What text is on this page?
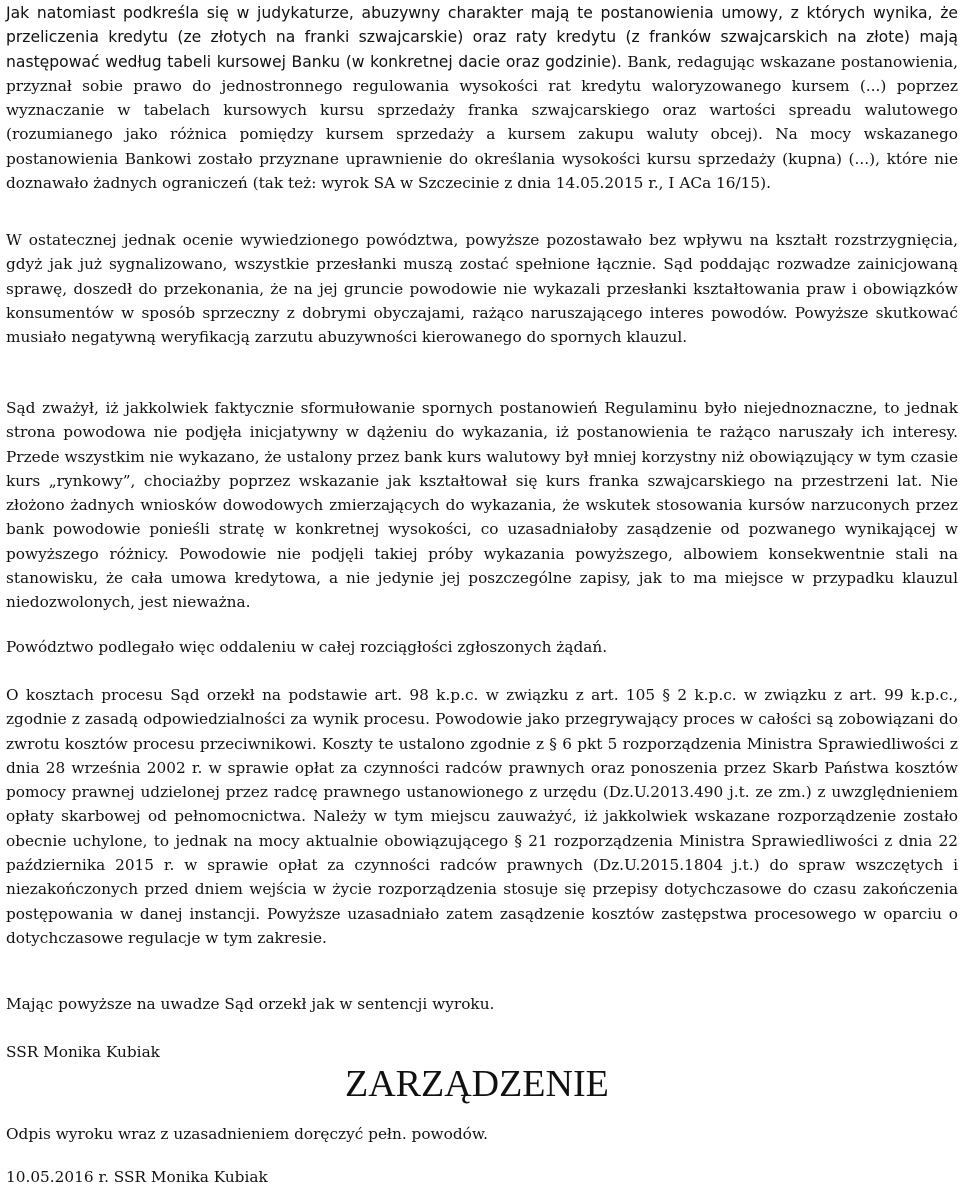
Jak natomiast podkreśla się w judykaturze, abuzywny charakter mają te postanowienia umowy, z których wynika, że przeliczenia kredytu (ze złotych na franki szwajcarskie) oraz raty kredytu (z franków szwajcarskich na złote) mają następować według tabeli kursowej Banku (w konkretnej dacie oraz godzinie). Bank, redagując wskazane postanowienia, przyznał sobie prawo do jednostronnego regulowania wysokości rat kredytu waloryzowanego kursem (...) poprzez wyznaczanie w tabelach kursowych kursu sprzedaży franka szwajcarskiego oraz wartości spreadu walutowego (rozumianego jako różnica pomiędzy kursem sprzedaży a kursem zakupu waluty obcej). Na mocy wskazanego postanowienia Bankowi zostało przyznane uprawnienie do określania wysokości kursu sprzedaży (kupna) (...), które nie doznawało żadnych ograniczeń (tak też: wyrok SA w Szczecinie z dnia 14.05.2015 r., I ACa 16/15).

W ostatecznej jednak ocenie wywiedzionego powództwa, powyższe pozostawało bez wpływu na kształt rozstrzygnięcia, gdyż jak już sygnalizowano, wszystkie przesłanki muszą zostać spełnione łącznie. Sąd poddając rozwadze zainicjowaną sprawę, doszedł do przekonania, że na jej gruncie powodowie nie wykazali przesłanki kształtowania praw i obowiązków konsumentów w sposób sprzeczny z dobrymi obyczajami, rażąco naruszającego interes powodów. Powyższe skutkować musiało negatywną weryfikacją zarzutu abuzywności kierowanego do spornych klauzul.

Sąd zważył, iż jakkolwiek faktycznie sformułowanie spornych postanowień Regulaminu było niejednoznaczne, to jednak strona powodowa nie podjęła inicjatywny w dążeniu do wykazania, iż postanowienia te rażąco naruszały ich interesy. Przede wszystkim nie wykazano, że ustalony przez bank kurs walutowy był mniej korzystny niż obowiązujący w tym czasie kurs „rynkowy”, chociażby poprzez wskazanie jak kształtował się kurs franka szwajcarskiego na przestrzeni lat. Nie złożono żadnych wniosków dowodowych zmierzających do wykazania, że wskutek stosowania kursów narzuconych przez bank powodowie ponieśli stratę w konkretnej wysokości, co uzasadniałoby zasądzenie od pozwanego wynikającej w powyższego różnicy. Powodowie nie podjęli takiej próby wykazania powyższego, albowiem konsekwentnie stali na stanowisku, że cała umowa kredytowa, a nie jedynie jej poszczególne zapisy, jak to ma miejsce w przypadku klauzul niedozwolonych, jest nieważna.

Powództwo podlegało więc oddaleniu w całej rozciągłości zgłoszonych żądań.

O kosztach procesu Sąd orzekł na podstawie art. 98 k.p.c. w związku z art. 105 § 2 k.p.c. w związku z art. 99 k.p.c., zgodnie z zasadą odpowiedzialności za wynik procesu. Powodowie jako przegrywający proces w całości są zobowiązani do zwrotu kosztów procesu przeciwnikowi. Koszty te ustalono zgodnie z § 6 pkt 5 rozporządzenia Ministra Sprawiedliwości z dnia 28 września 2002 r. w sprawie opłat za czynności radców prawnych oraz ponoszenia przez Skarb Państwa kosztów pomocy prawnej udzielonej przez radcę prawnego ustanowionego z urzędu (Dz.U.2013.490 j.t. ze zm.) z uwzględnieniem opłaty skarbowej od pełnomocnictwa. Należy w tym miejscu zauważyć, iż jakkolwiek wskazane rozporządzenie zostało obecnie uchylone, to jednak na mocy aktualnie obowiązującego § 21 rozporządzenia Ministra Sprawiedliwości z dnia 22 października 2015 r. w sprawie opłat za czynności radców prawnych (Dz.U.2015.1804 j.t.) do spraw wszczętych i niezakończonych przed dniem wejścia w życie rozporządzenia stosuje się przepisy dotychczasowe do czasu zakończenia postępowania w danej instancji. Powyższe uzasadniało zatem zasądzenie kosztów zastępstwa procesowego w oparciu o dotychczasowe regulacje w tym zakresie.

Mając powyższe na uwadze Sąd orzekł jak w sentencji wyroku.

SSR Monika Kubiak

ZARZĄDZENIE

Odpis wyroku wraz z uzasadnieniem doręczyć pełn. powodów.

10.05.2016 r. SSR Monika Kubiak
